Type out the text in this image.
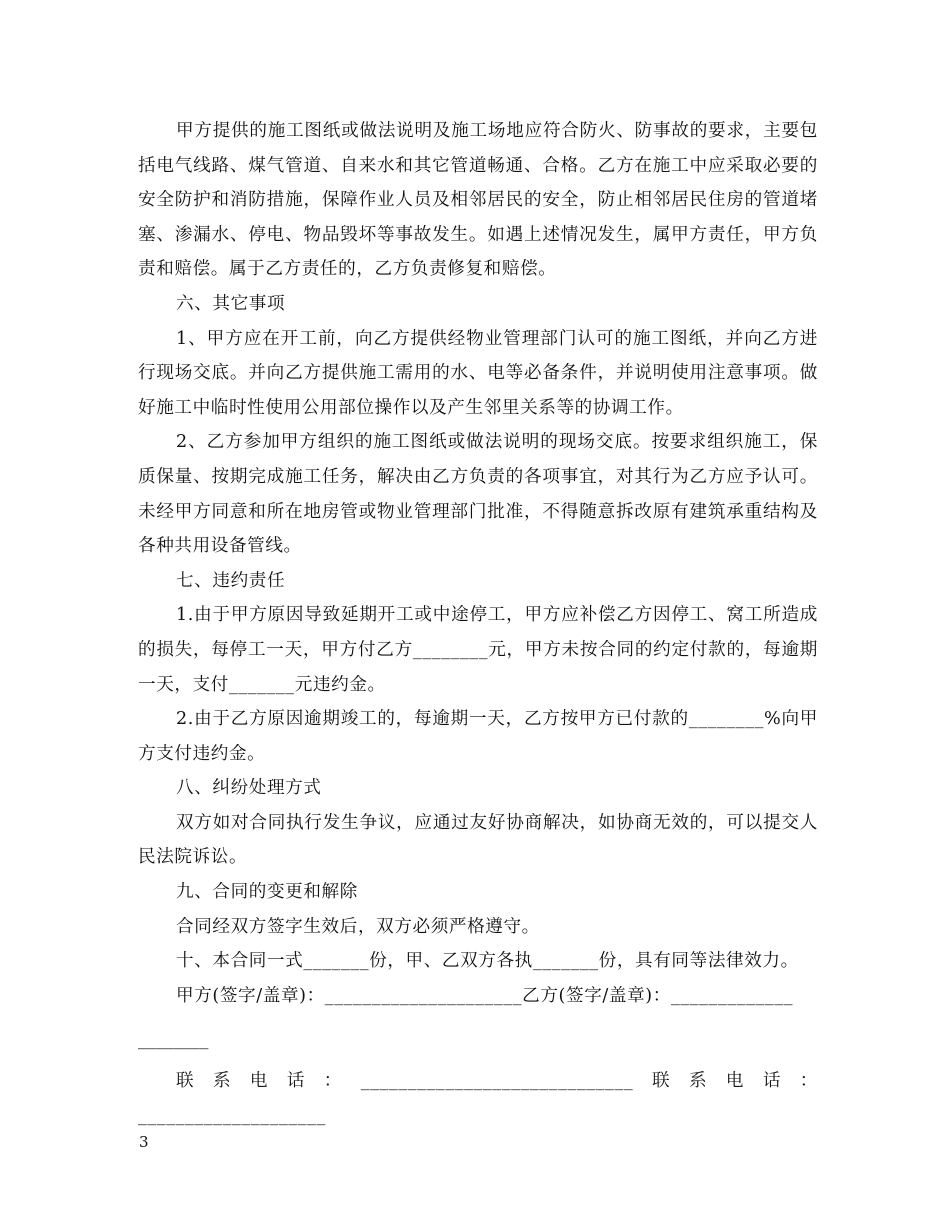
甲方提供的施工图纸或做法说明及施工场地应符合防火、防事故的要求，主要包括电气线路、煤气管道、自来水和其它管道畅通、合格。乙方在施工中应采取必要的安全防护和消防措施，保障作业人员及相邻居民的安全，防止相邻居民住房的管道堵塞、渗漏水、停电、物品毁坏等事故发生。如遇上述情况发生，属甲方责任，甲方负责和赔偿。属于乙方责任的，乙方负责修复和赔偿。

六、其它事项

1、甲方应在开工前，向乙方提供经物业管理部门认可的施工图纸，并向乙方进行现场交底。并向乙方提供施工需用的水、电等必备条件，并说明使用注意事项。做好施工中临时性使用公用部位操作以及产生邻里关系等的协调工作。

2、乙方参加甲方组织的施工图纸或做法说明的现场交底。按要求组织施工，保质保量、按期完成施工任务，解决由乙方负责的各项事宜，对其行为乙方应予认可。未经甲方同意和所在地房管或物业管理部门批准，不得随意拆改原有建筑承重结构及各种共用设备管线。

七、违约责任

1.由于甲方原因导致延期开工或中途停工，甲方应补偿乙方因停工、窝工所造成的损失，每停工一天，甲方付乙方________元，甲方未按合同的约定付款的，每逾期一天，支付_______元违约金。

2.由于乙方原因逾期竣工的，每逾期一天，乙方按甲方已付款的________%向甲方支付违约金。

八、纠纷处理方式

双方如对合同执行发生争议，应通过友好协商解决，如协商无效的，可以提交人民法院诉讼。

九、合同的变更和解除

合同经双方签字生效后，双方必须严格遵守。

十、本合同一式_______份，甲、乙双方各执_______份，具有同等法律效力。

甲方(签字/盖章)：_____________________乙方(签字/盖章)：_____________

________

联系电话：_____________________________联系电话：____________________

3
